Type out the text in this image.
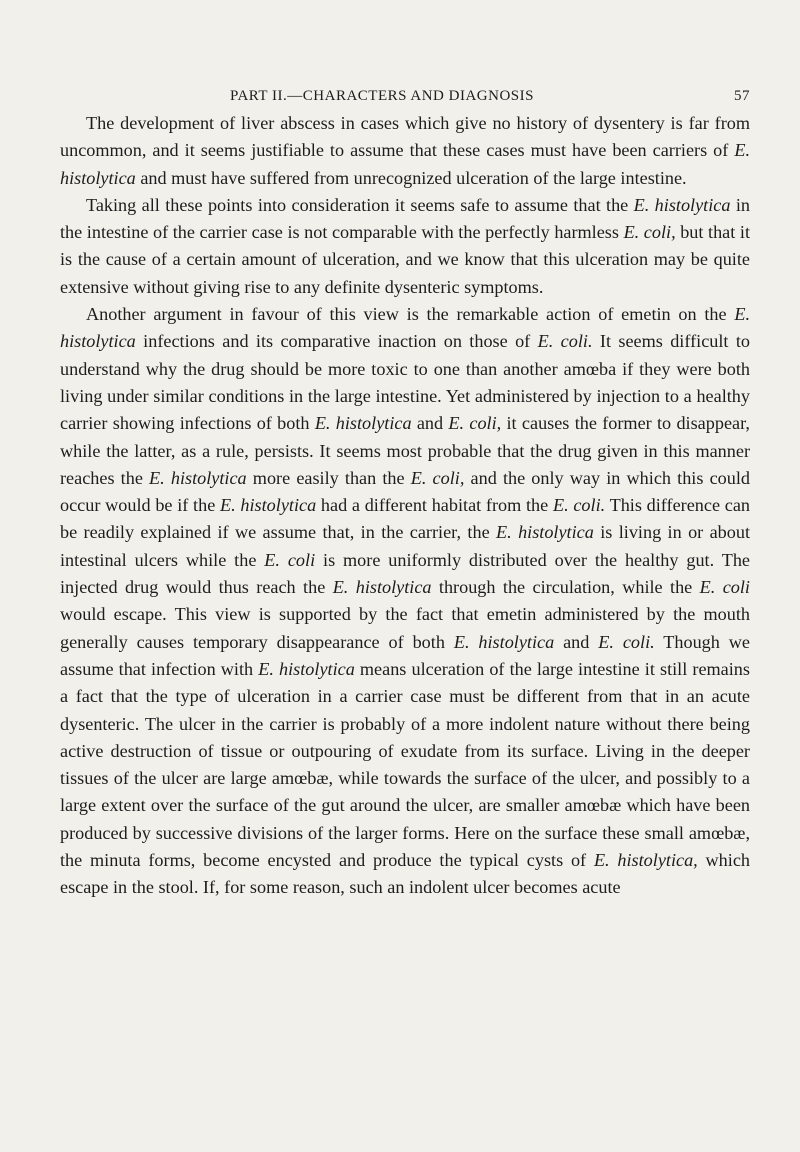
PART II.—CHARACTERS AND DIAGNOSIS	57

The development of liver abscess in cases which give no history of dysentery is far from uncommon, and it seems justifiable to assume that these cases must have been carriers of E. histolytica and must have suffered from unrecognized ulceration of the large intestine.

Taking all these points into consideration it seems safe to assume that the E. histolytica in the intestine of the carrier case is not comparable with the perfectly harmless E. coli, but that it is the cause of a certain amount of ulceration, and we know that this ulceration may be quite extensive without giving rise to any definite dysenteric symptoms.

Another argument in favour of this view is the remarkable action of emetin on the E. histolytica infections and its comparative inaction on those of E. coli. It seems difficult to understand why the drug should be more toxic to one than another amœba if they were both living under similar conditions in the large intestine. Yet administered by injection to a healthy carrier showing infections of both E. histolytica and E. coli, it causes the former to disappear, while the latter, as a rule, persists. It seems most probable that the drug given in this manner reaches the E. histolytica more easily than the E. coli, and the only way in which this could occur would be if the E. histolytica had a different habitat from the E. coli. This difference can be readily explained if we assume that, in the carrier, the E. histolytica is living in or about intestinal ulcers while the E. coli is more uniformly distributed over the healthy gut. The injected drug would thus reach the E. histolytica through the circulation, while the E. coli would escape. This view is supported by the fact that emetin administered by the mouth generally causes temporary disappearance of both E. histolytica and E. coli. Though we assume that infection with E. histolytica means ulceration of the large intestine it still remains a fact that the type of ulceration in a carrier case must be different from that in an acute dysenteric. The ulcer in the carrier is probably of a more indolent nature without there being active destruction of tissue or outpouring of exudate from its surface. Living in the deeper tissues of the ulcer are large amœbæ, while towards the surface of the ulcer, and possibly to a large extent over the surface of the gut around the ulcer, are smaller amœbæ which have been produced by successive divisions of the larger forms. Here on the surface these small amœbæ, the minuta forms, become encysted and produce the typical cysts of E. histolytica, which escape in the stool. If, for some reason, such an indolent ulcer becomes acute
